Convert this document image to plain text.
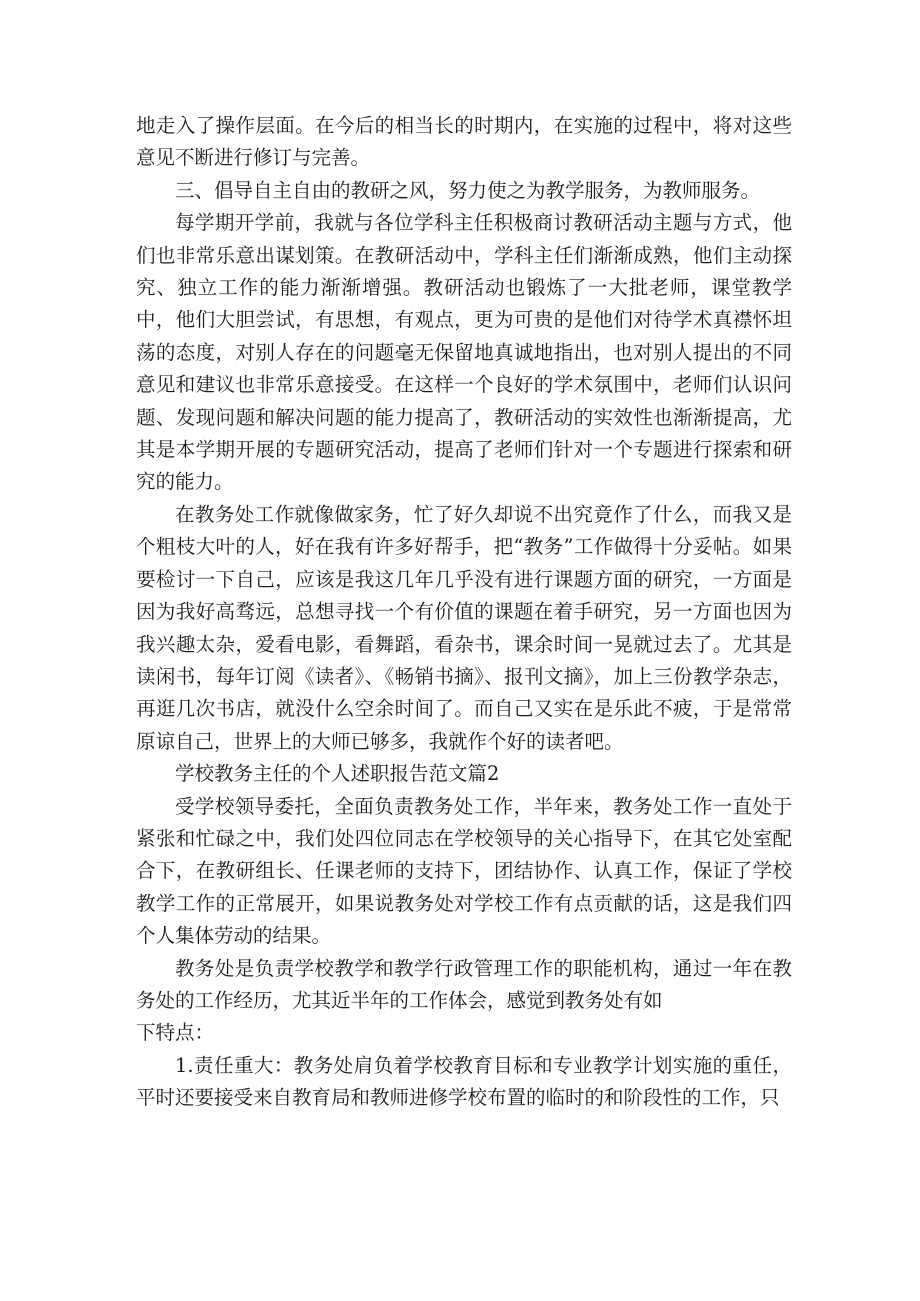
地走入了操作层面。在今后的相当长的时期内，在实施的过程中，将对这些意见不断进行修订与完善。

三、倡导自主自由的教研之风，努力使之为教学服务，为教师服务。

每学期开学前，我就与各位学科主任积极商讨教研活动主题与方式，他们也非常乐意出谋划策。在教研活动中，学科主任们渐渐成熟，他们主动探究、独立工作的能力渐渐增强。教研活动也锻炼了一大批老师，课堂教学中，他们大胆尝试，有思想，有观点，更为可贵的是他们对待学术真襟怀坦荡的态度，对别人存在的问题毫无保留地真诚地指出，也对别人提出的不同意见和建议也非常乐意接受。在这样一个良好的学术氛围中，老师们认识问题、发现问题和解决问题的能力提高了，教研活动的实效性也渐渐提高，尤其是本学期开展的专题研究活动，提高了老师们针对一个专题进行探索和研究的能力。

在教务处工作就像做家务，忙了好久却说不出究竟作了什么，而我又是个粗枝大叶的人，好在我有许多好帮手，把“教务”工作做得十分妥帖。如果要检讨一下自己，应该是我这几年几乎没有进行课题方面的研究，一方面是因为我好高骛远，总想寻找一个有价值的课题在着手研究，另一方面也因为我兴趣太杂，爱看电影，看舞蹈，看杂书，课余时间一晃就过去了。尤其是读闲书，每年订阅《读者》、《畅销书摘》、报刊文摘》，加上三份教学杂志，再逛几次书店，就没什么空余时间了。而自己又实在是乐此不疲，于是常常原谅自己，世界上的大师已够多，我就作个好的读者吧。

学校教务主任的个人述职报告范文篇2

受学校领导委托，全面负责教务处工作，半年来，教务处工作一直处于紧张和忙碌之中，我们处四位同志在学校领导的关心指导下，在其它处室配合下，在教研组长、任课老师的支持下，团结协作、认真工作，保证了学校教学工作的正常展开，如果说教务处对学校工作有点贡献的话，这是我们四个人集体劳动的结果。

教务处是负责学校教学和教学行政管理工作的职能机构，通过一年在教务处的工作经历，尤其近半年的工作体会，感觉到教务处有如

下特点：

1.责任重大：教务处肩负着学校教育目标和专业教学计划实施的重任，平时还要接受来自教育局和教师进修学校布置的临时的和阶段性的工作，只
